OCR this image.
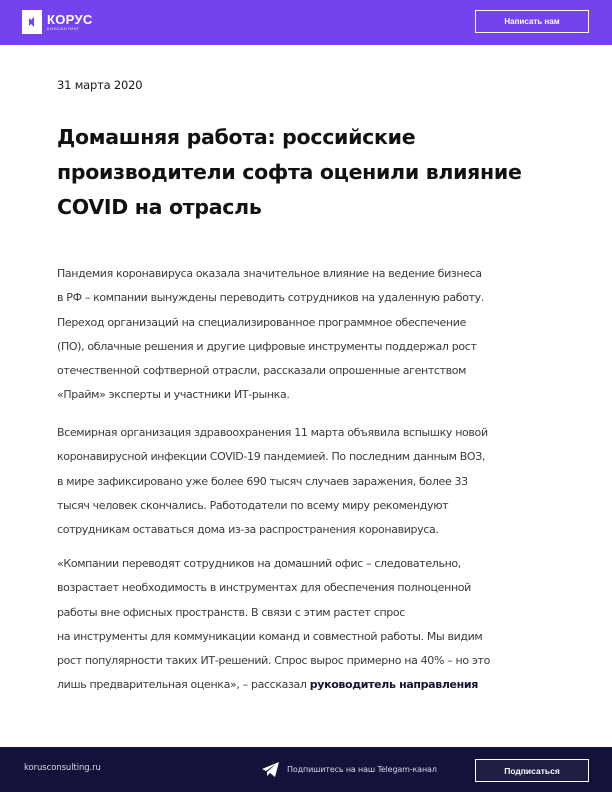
КОРУС
КОНСАЛТИНГ
Написать нам
31 марта 2020
Домашняя работа: российские
производители софта оценили влияние
COVID на отрасль

Пандемия коронавируса оказала значительное влияние на ведение бизнеса
в РФ – компании вынуждены переводить сотрудников на удаленную работу.
Переход организаций на специализированное программное обеспечение
(ПО), облачные решения и другие цифровые инструменты поддержал рост
отечественной софтверной отрасли, рассказали опрошенные агентством
«Прайм» эксперты и участники ИТ-рынка.

Всемирная организация здравоохранения 11 марта объявила вспышку новой
коронавирусной инфекции COVID-19 пандемией. По последним данным ВОЗ,
в мире зафиксировано уже более 690 тысяч случаев заражения, более 33
тысяч человек скончались. Работодатели по всему миру рекомендуют
сотрудникам оставаться дома из-за распространения коронавируса.

«Компании переводят сотрудников на домашний офис – следовательно,
возрастает необходимость в инструментах для обеспечения полноценной
работы вне офисных пространств. В связи с этим растет спрос
на инструменты для коммуникации команд и совместной работы. Мы видим
рост популярности таких ИТ-решений. Спрос вырос примерно на 40% – но это
лишь предварительная оценка», – рассказал руководитель направления

korusconsulting.ru	Подпишитесь на наш Telegam-канал	Подписаться
